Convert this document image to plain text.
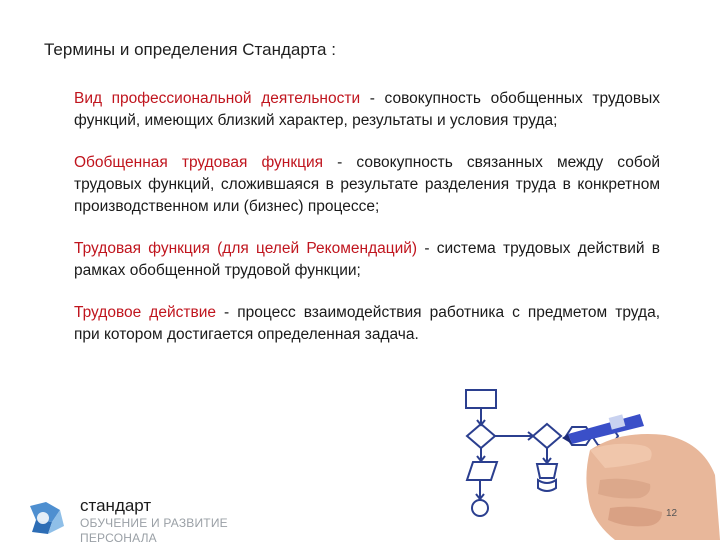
Термины и определения Стандарта :

Вид профессиональной деятельности - совокупность обобщенных трудовых функций, имеющих близкий характер, результаты и условия труда;

Обобщенная трудовая функция - совокупность связанных между собой трудовых функций, сложившаяся в результате разделения труда в конкретном производственном или (бизнес) процессе;

Трудовая функция (для целей Рекомендаций) - система трудовых действий в рамках обобщенной трудовой функции;

Трудовое действие - процесс взаимодействия работника с предметом труда, при котором достигается определенная задача.

стандарт
ОБУЧЕНИЕ И РАЗВИТИЕ ПЕРСОНАЛА
12
